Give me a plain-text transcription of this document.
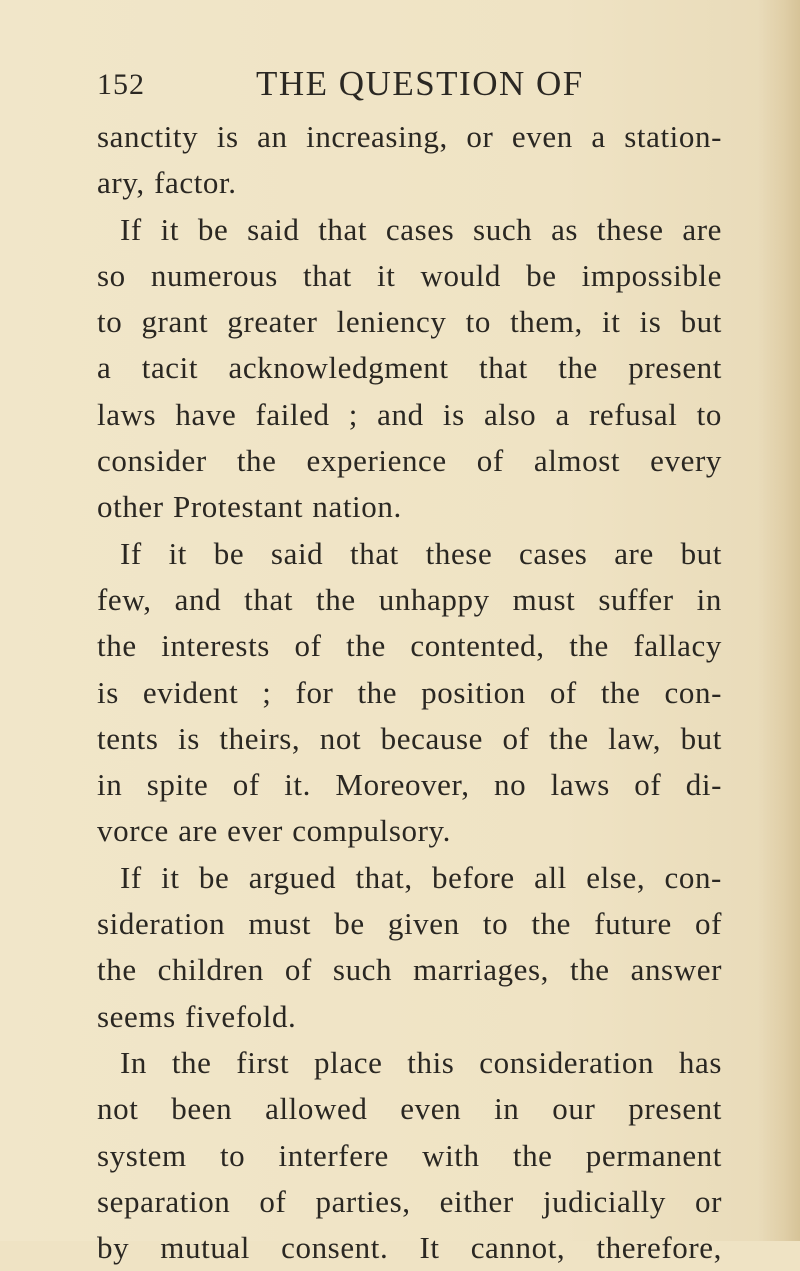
152	THE QUESTION OF
sanctity is an increasing, or even a station-
ary, factor.
If it be said that cases such as these are
so numerous that it would be impossible
to grant greater leniency to them, it is but
a tacit acknowledgment that the present
laws have failed ; and is also a refusal to
consider the experience of almost every
other Protestant nation.
If it be said that these cases are but
few, and that the unhappy must suffer in
the interests of the contented, the fallacy
is evident ; for the position of the con-
tents is theirs, not because of the law, but
in spite of it. Moreover, no laws of di-
vorce are ever compulsory.
If it be argued that, before all else, con-
sideration must be given to the future of
the children of such marriages, the answer
seems fivefold.
In the first place this consideration has
not been allowed even in our present
system to interfere with the permanent
separation of parties, either judicially or
by mutual consent. It cannot, therefore,
